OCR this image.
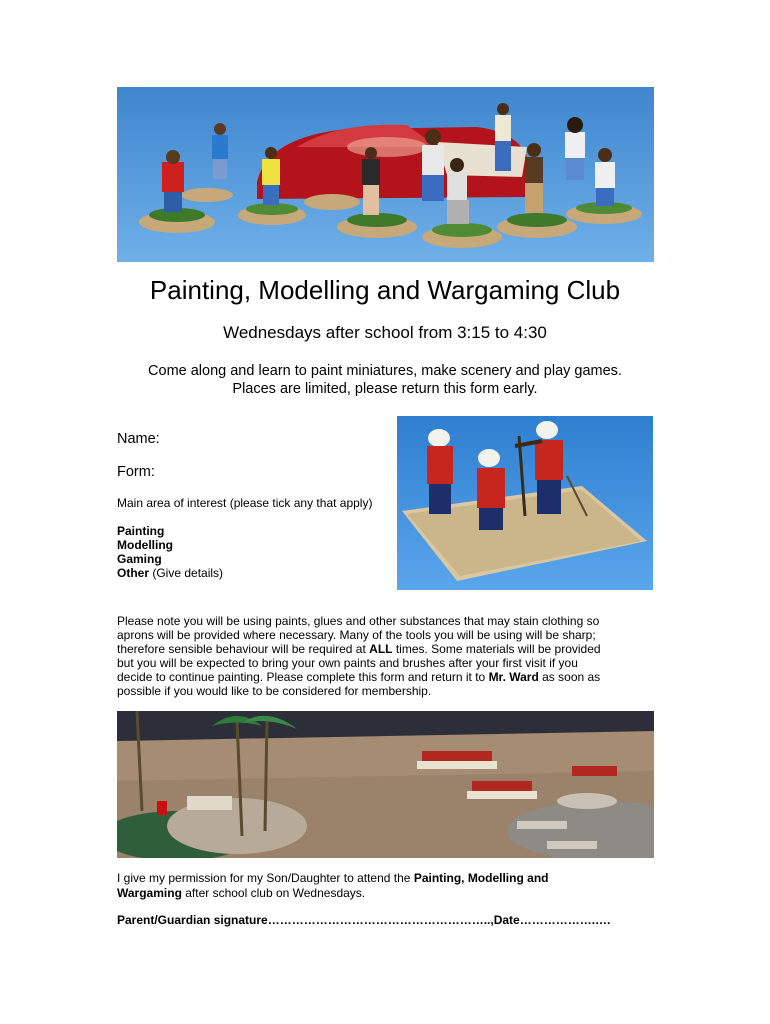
Painting, Modelling and Wargaming Club
Wednesdays after school from 3:15 to 4:30
Come along and learn to paint miniatures, make scenery and play games.
Places are limited, please return this form early.
Name:
Form:
Main area of interest (please tick any that apply)
Painting
Modelling
Gaming
Other (Give details)
Please note you will be using paints, glues and other substances that may stain clothing so
aprons will be provided where necessary. Many of the tools you will be using will be sharp;
therefore sensible behaviour will be required at ALL times. Some materials will be provided
but you will be expected to bring your own paints and brushes after your first visit if you
decide to continue painting. Please complete this form and return it to Mr. Ward as soon as
possible if you would like to be considered for membership.
I give my permission for my Son/Daughter to attend the Painting, Modelling and
Wargaming after school club on Wednesdays.
Parent/Guardian signature………………………………………………..,Date……………….….
